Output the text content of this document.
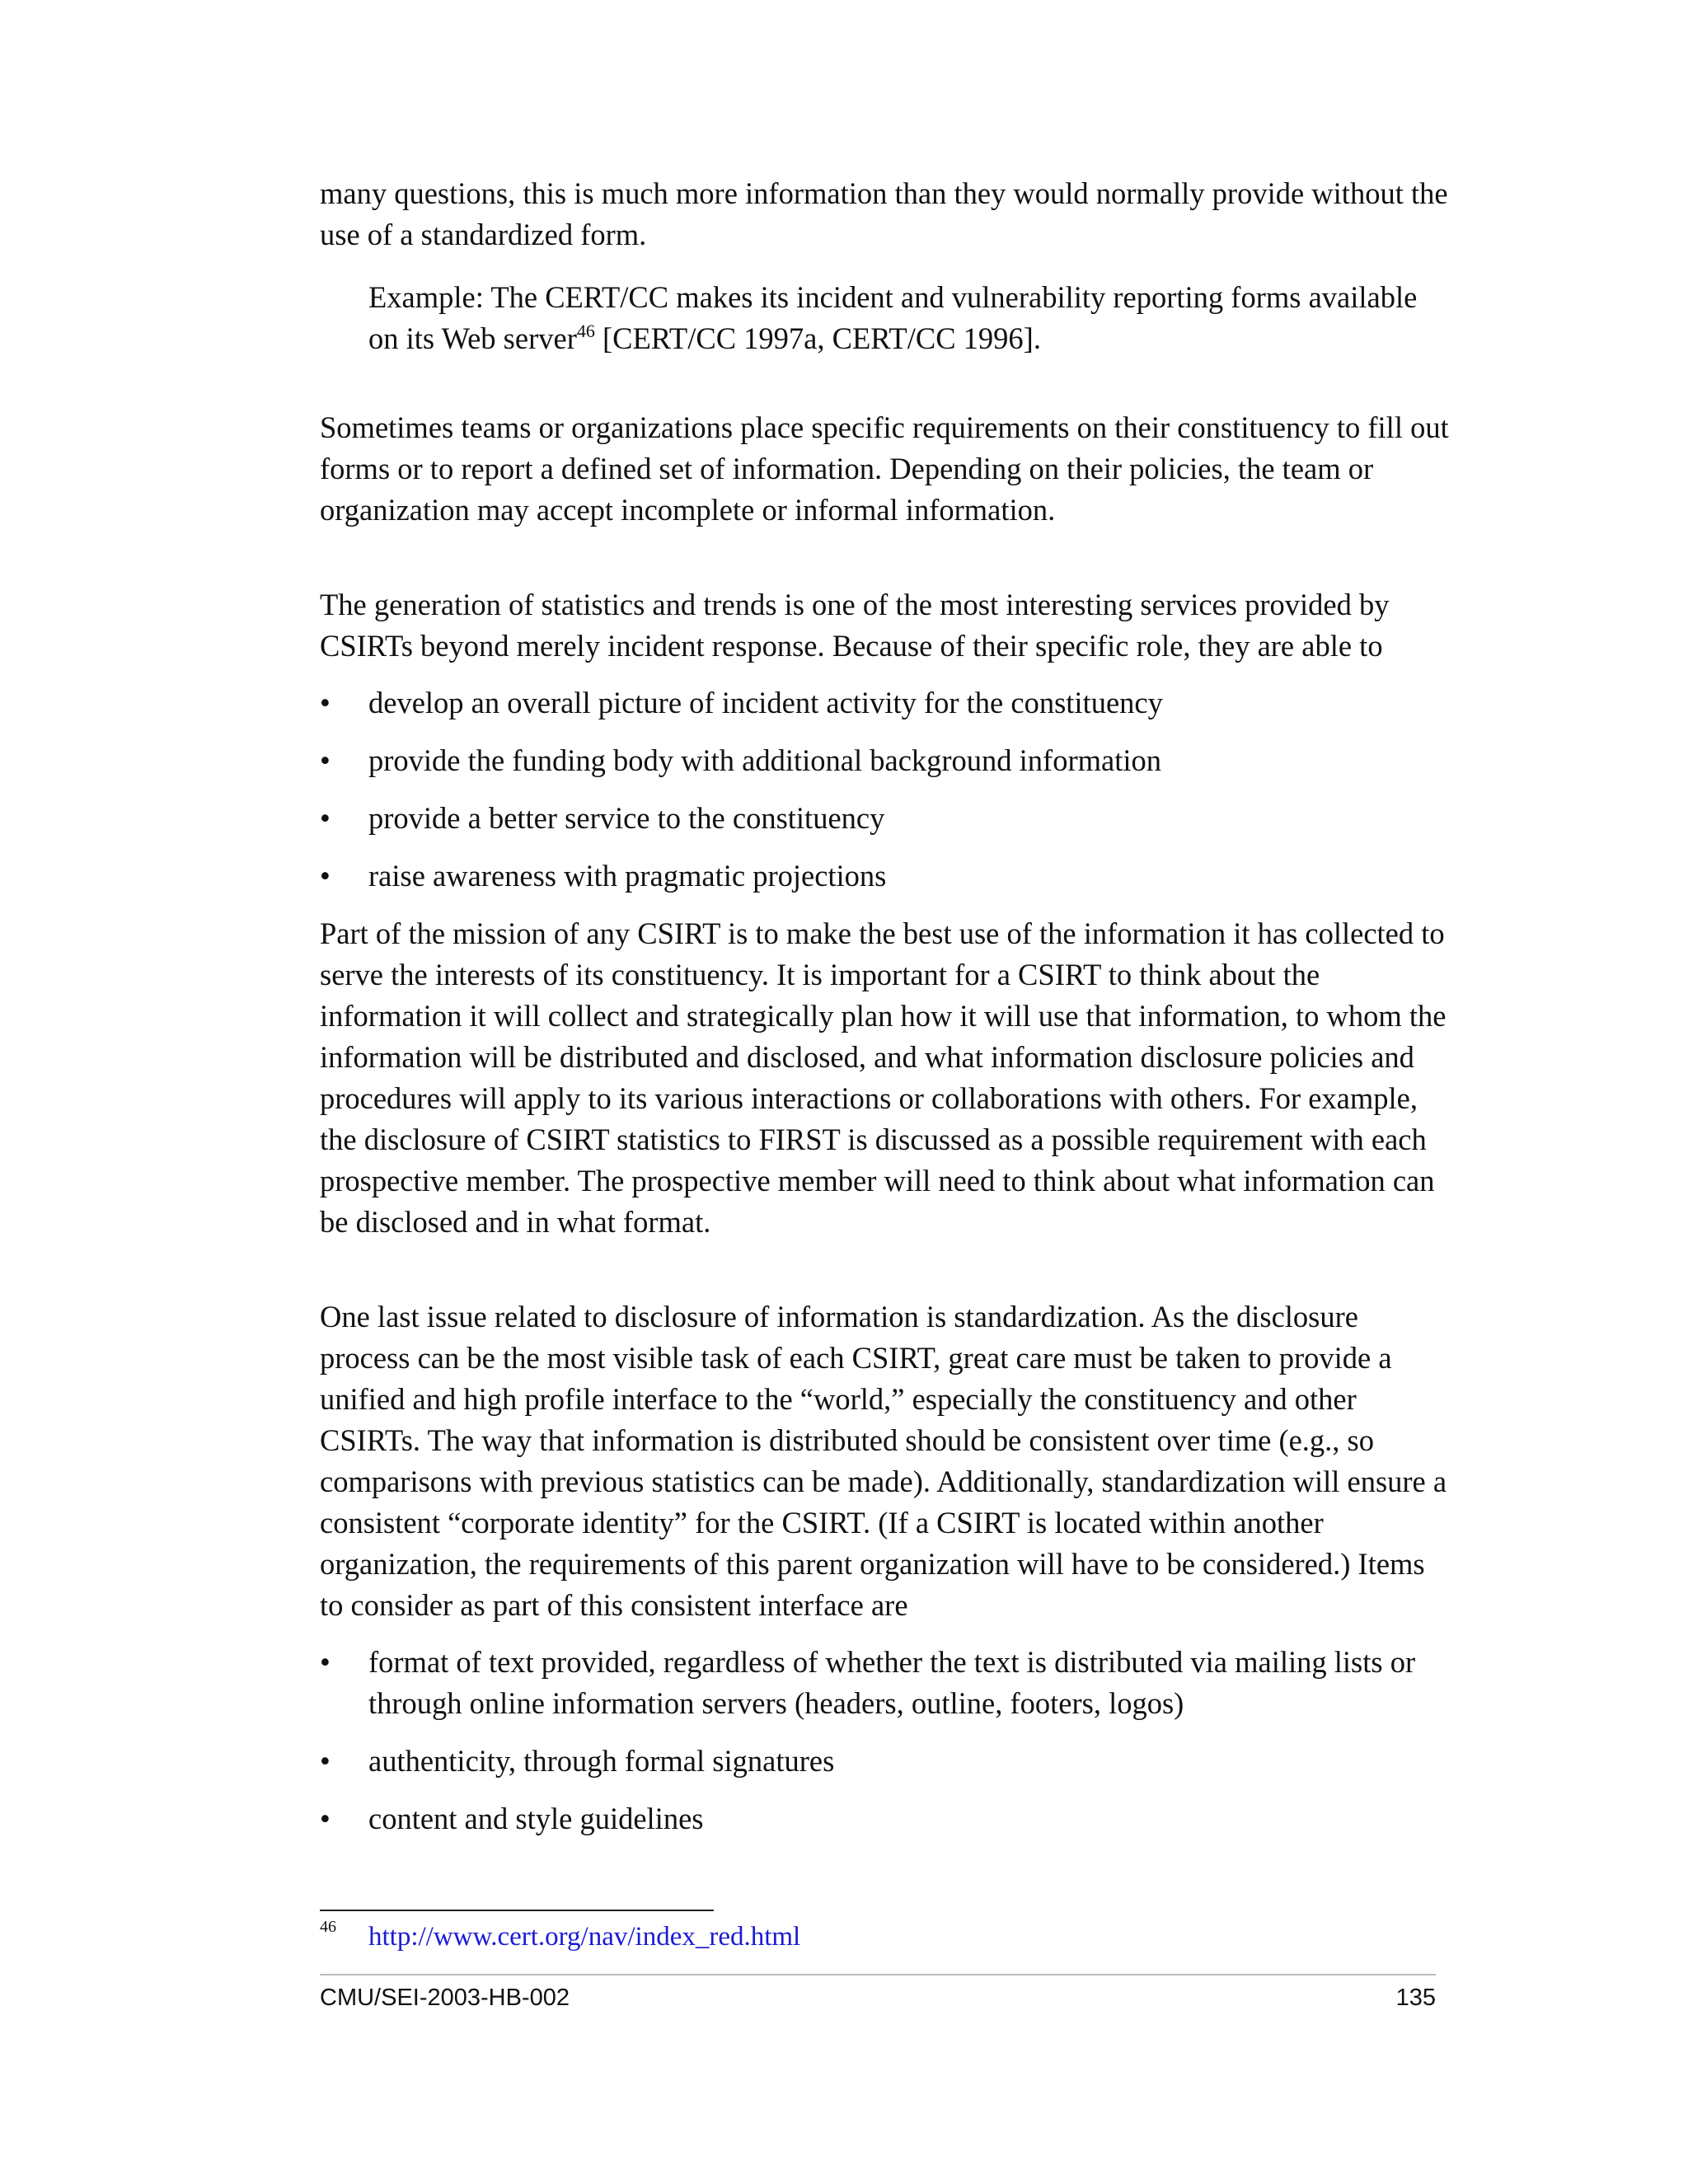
many questions, this is much more information than they would normally provide without the use of a standardized form.

Example: The CERT/CC makes its incident and vulnerability reporting forms available on its Web server$^{46}$ [CERT/CC 1997a, CERT/CC 1996].

Sometimes teams or organizations place specific requirements on their constituency to fill out forms or to report a defined set of information. Depending on their policies, the team or organization may accept incomplete or informal information.

The generation of statistics and trends is one of the most interesting services provided by CSIRTs beyond merely incident response. Because of their specific role, they are able to

• develop an overall picture of incident activity for the constituency
• provide the funding body with additional background information
• provide a better service to the constituency
• raise awareness with pragmatic projections

Part of the mission of any CSIRT is to make the best use of the information it has collected to serve the interests of its constituency. It is important for a CSIRT to think about the information it will collect and strategically plan how it will use that information, to whom the information will be distributed and disclosed, and what information disclosure policies and procedures will apply to its various interactions or collaborations with others. For example, the disclosure of CSIRT statistics to FIRST is discussed as a possible requirement with each prospective member. The prospective member will need to think about what information can be disclosed and in what format.

One last issue related to disclosure of information is standardization. As the disclosure process can be the most visible task of each CSIRT, great care must be taken to provide a unified and high profile interface to the “world,” especially the constituency and other CSIRTs. The way that information is distributed should be consistent over time (e.g., so comparisons with previous statistics can be made). Additionally, standardization will ensure a consistent “corporate identity” for the CSIRT. (If a CSIRT is located within another organization, the requirements of this parent organization will have to be considered.) Items to consider as part of this consistent interface are

• format of text provided, regardless of whether the text is distributed via mailing lists or through online information servers (headers, outline, footers, logos)
• authenticity, through formal signatures
• content and style guidelines
46 http://www.cert.org/nav/index_red.html
CMU/SEI-2003-HB-002	135
